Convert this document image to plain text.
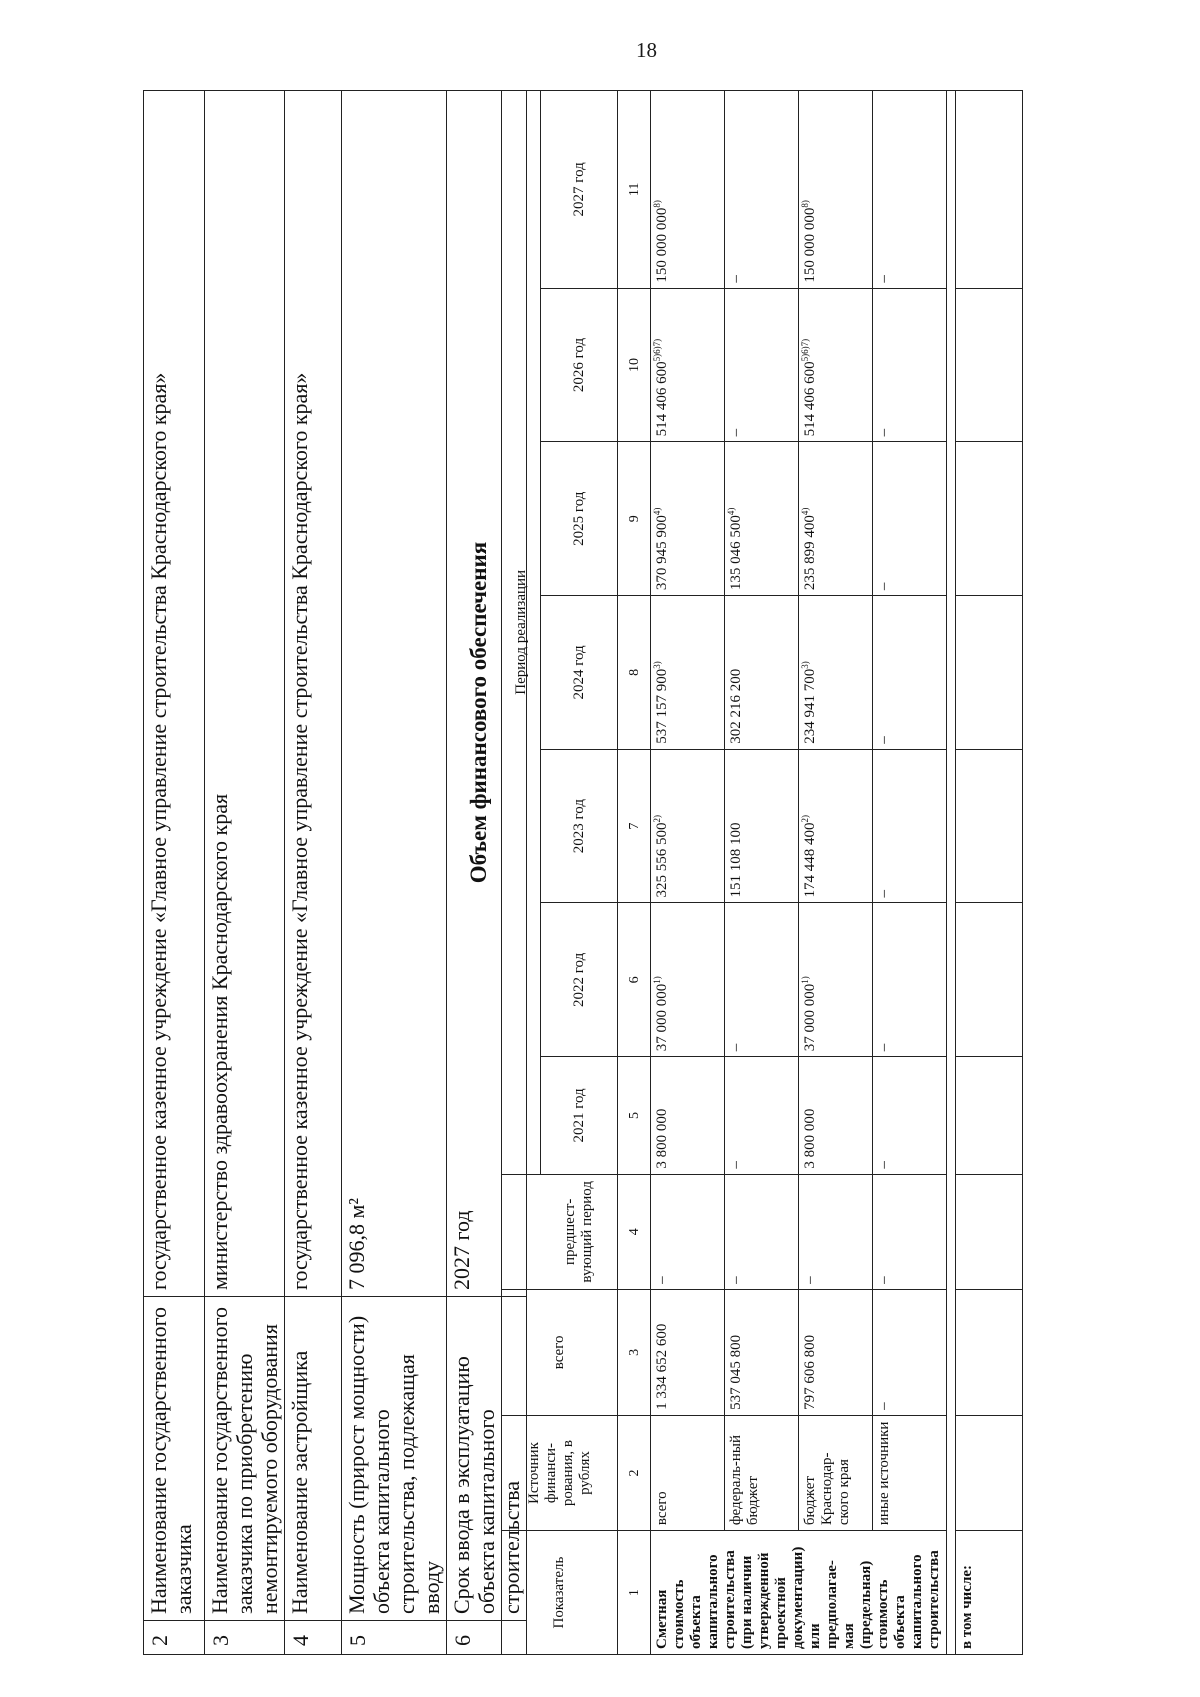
18
2	Наименование государственного заказчика	государственное казенное учреждение «Главное управление строительства Краснодарского края»
3	Наименование государственного заказчика по приобретению немонтируемого оборудования	министерство здравоохранения Краснодарского края
4	Наименование застройщика	государственное казенное учреждение «Главное управление строительства Краснодарского края»
5	Мощность (прирост мощности) объекта капитального строительства, подлежащая вводу	7 096,8 м²
6	Срок ввода в эксплуатацию объекта капитального строительства	2027 год
Объем финансового обеспечения
Показатель	Источник финанси-рования, в рублях	всего		Период реализации						
			предшест-вующий период	2021 год	2022 год	2023 год	2024 год	2025 год	2026 год	2027 год
1	2	3	4	5	6	7	8	9	10	11
Сметная стоимость объекта капитального строительства (при наличии утвержденной проектной документации) или предполагае-мая (предельная) стоимость объекта капитального строительства	всего	1 334 652 600	–	3 800 000	37 000 000$^{1)}$	325 556 500$^{2)}$	537 157 900$^{3)}$	370 945 900$^{4)}$	514 406 $600^{5)6)7)}$	150 000 000$^{8)}$
	федераль-ный бюджет	537 045 800	–	–	–	151 108 100	302 216 200	135 046 500$^{4)}$	–	–
	бюджет Краснодар-ского края	797 606 800	–	3 800 000	37 000 000$^{1)}$	174 448 400$^{2)}$	234 941 700$^{3)}$	235 899 400$^{4)}$	514 406 $600^{5)6)7)}$	150 000 000$^{8)}$
	иные источники	–	–	–	–	–	–	–	–	–

в том числе:										
